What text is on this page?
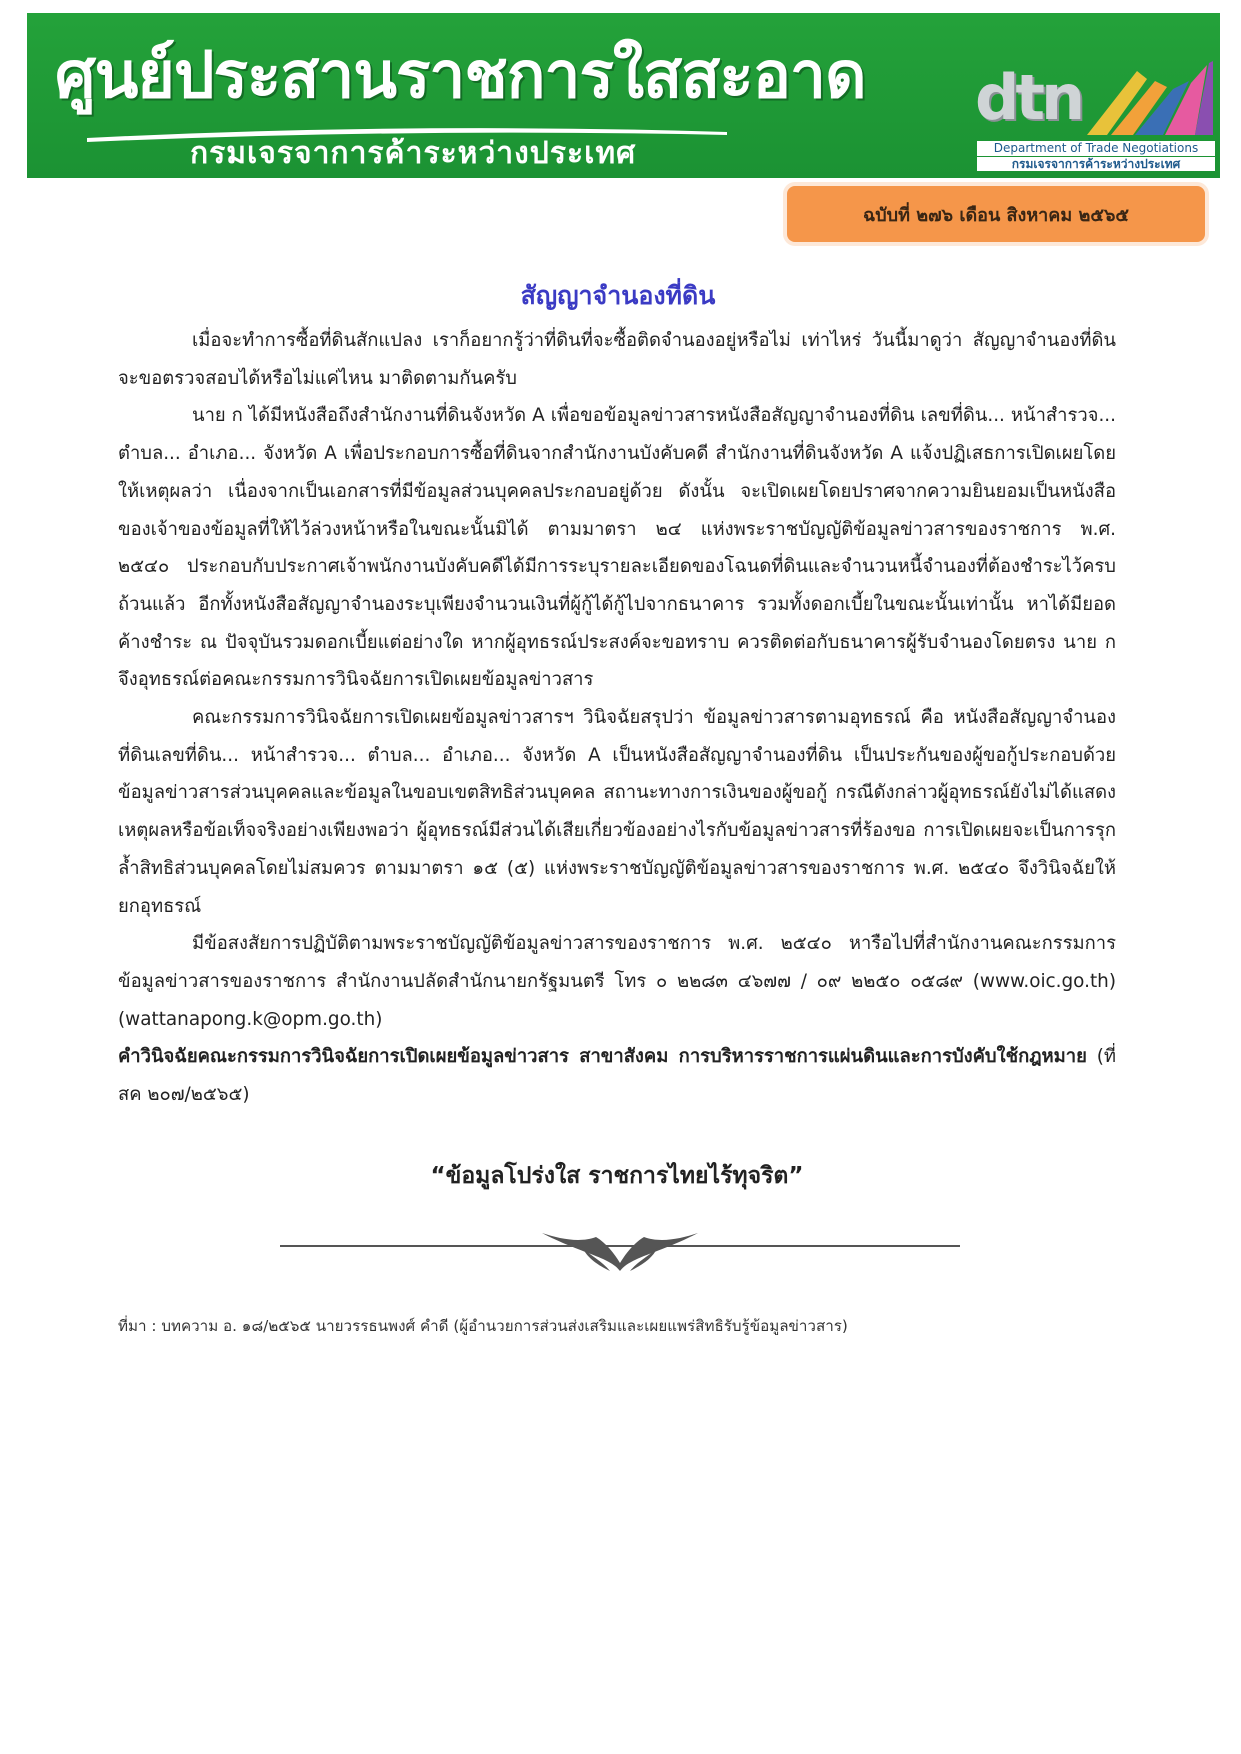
ศูนย์ประสานราชการใสสะอาด
กรมเจรจาการค้าระหว่างประเทศ
dtn
Department of Trade Negotiations
กรมเจรจาการค้าระหว่างประเทศ
ฉบับที่ ๒๗๖ เดือน สิงหาคม ๒๕๖๕
สัญญาจำนองที่ดิน

เมื่อจะทำการซื้อที่ดินสักแปลง เราก็อยากรู้ว่าที่ดินที่จะซื้อติดจำนองอยู่หรือไม่ เท่าไหร่ วันนี้มาดูว่า สัญญาจำนองที่ดิน จะขอตรวจสอบได้หรือไม่แค่ไหน มาติดตามกันครับ

นาย ก ได้มีหนังสือถึงสำนักงานที่ดินจังหวัด A เพื่อขอข้อมูลข่าวสารหนังสือสัญญาจำนองที่ดิน เลขที่ดิน... หน้าสำรวจ... ตำบล... อำเภอ... จังหวัด A เพื่อประกอบการซื้อที่ดินจากสำนักงานบังคับคดี สำนักงานที่ดินจังหวัด A แจ้งปฏิเสธการเปิดเผยโดยให้เหตุผลว่า เนื่องจากเป็นเอกสารที่มีข้อมูลส่วนบุคคลประกอบอยู่ด้วย ดังนั้น จะเปิดเผยโดยปราศจากความยินยอมเป็นหนังสือของเจ้าของข้อมูลที่ให้ไว้ล่วงหน้าหรือในขณะนั้นมิได้ ตามมาตรา ๒๔ แห่งพระราชบัญญัติข้อมูลข่าวสารของราชการ พ.ศ. ๒๕๔๐ ประกอบกับประกาศเจ้าพนักงานบังคับคดีได้มีการระบุรายละเอียดของโฉนดที่ดินและจำนวนหนี้จำนองที่ต้องชำระไว้ครบถ้วนแล้ว อีกทั้งหนังสือสัญญาจำนองระบุเพียงจำนวนเงินที่ผู้กู้ได้กู้ไปจากธนาคาร รวมทั้งดอกเบี้ยในขณะนั้นเท่านั้น หาได้มียอดค้างชำระ ณ ปัจจุบันรวมดอกเบี้ยแต่อย่างใด หากผู้อุทธรณ์ประสงค์จะขอทราบ ควรติดต่อกับธนาคารผู้รับจำนองโดยตรง นาย ก จึงอุทธรณ์ต่อคณะกรรมการวินิจฉัยการเปิดเผยข้อมูลข่าวสาร

คณะกรรมการวินิจฉัยการเปิดเผยข้อมูลข่าวสารฯ วินิจฉัยสรุปว่า ข้อมูลข่าวสารตามอุทธรณ์ คือ หนังสือสัญญาจำนองที่ดินเลขที่ดิน... หน้าสำรวจ... ตำบล... อำเภอ... จังหวัด A เป็นหนังสือสัญญาจำนองที่ดิน เป็นประกันของผู้ขอกู้ประกอบด้วยข้อมูลข่าวสารส่วนบุคคลและข้อมูลในขอบเขตสิทธิส่วนบุคคล สถานะทางการเงินของผู้ขอกู้ กรณีดังกล่าวผู้อุทธรณ์ยังไม่ได้แสดงเหตุผลหรือข้อเท็จจริงอย่างเพียงพอว่า ผู้อุทธรณ์มีส่วนได้เสียเกี่ยวข้องอย่างไรกับข้อมูลข่าวสารที่ร้องขอ การเปิดเผยจะเป็นการรุกล้ำสิทธิส่วนบุคคลโดยไม่สมควร ตามมาตรา ๑๕ (๕) แห่งพระราชบัญญัติข้อมูลข่าวสารของราชการ พ.ศ. ๒๕๔๐ จึงวินิจฉัยให้ ยกอุทธรณ์

มีข้อสงสัยการปฏิบัติตามพระราชบัญญัติข้อมูลข่าวสารของราชการ พ.ศ. ๒๕๔๐ หารือไปที่สำนักงานคณะกรรมการข้อมูลข่าวสารของราชการ สำนักงานปลัดสำนักนายกรัฐมนตรี โทร ๐ ๒๒๘๓ ๔๖๗๗ / ๐๙ ๒๒๕๐ ๐๕๘๙ (www.oic.go.th) (wattanapong.k@opm.go.th)

คำวินิจฉัยคณะกรรมการวินิจฉัยการเปิดเผยข้อมูลข่าวสาร สาขาสังคม การบริหารราชการแผ่นดินและการบังคับใช้กฎหมาย (ที่ สค ๒๐๗/๒๕๖๕)

“ข้อมูลโปร่งใส ราชการไทยไร้ทุจริต”
ที่มา : บทความ อ. ๑๘/๒๕๖๕ นายวรรธนพงศ์ คำดี (ผู้อำนวยการส่วนส่งเสริมและเผยแพร่สิทธิรับรู้ข้อมูลข่าวสาร)
